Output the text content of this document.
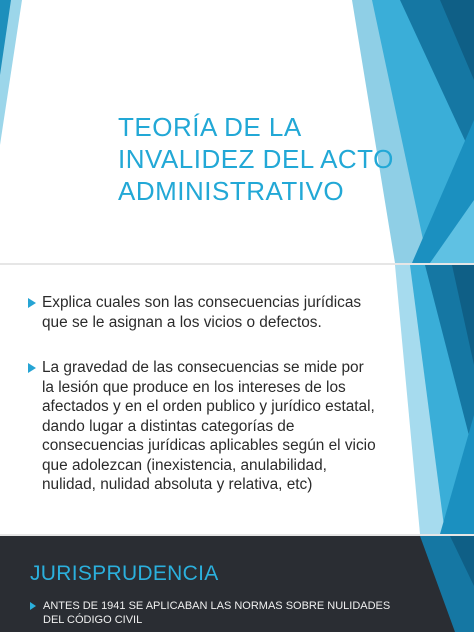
TEORÍA DE LA
INVALIDEZ DEL ACTO
ADMINISTRATIVO
Explica cuales son las consecuencias jurídicas que se le asignan a los vicios o defectos.
La gravedad de las consecuencias se mide por la lesión que produce en los intereses de los afectados y en el orden publico y jurídico estatal, dando lugar a distintas categorías de consecuencias jurídicas aplicables según el vicio que adolezcan (inexistencia, anulabilidad, nulidad, nulidad absoluta y relativa, etc)
JURISPRUDENCIA
ANTES DE 1941 SE APLICABAN LAS NORMAS SOBRE NULIDADES DEL CÓDIGO CIVIL
